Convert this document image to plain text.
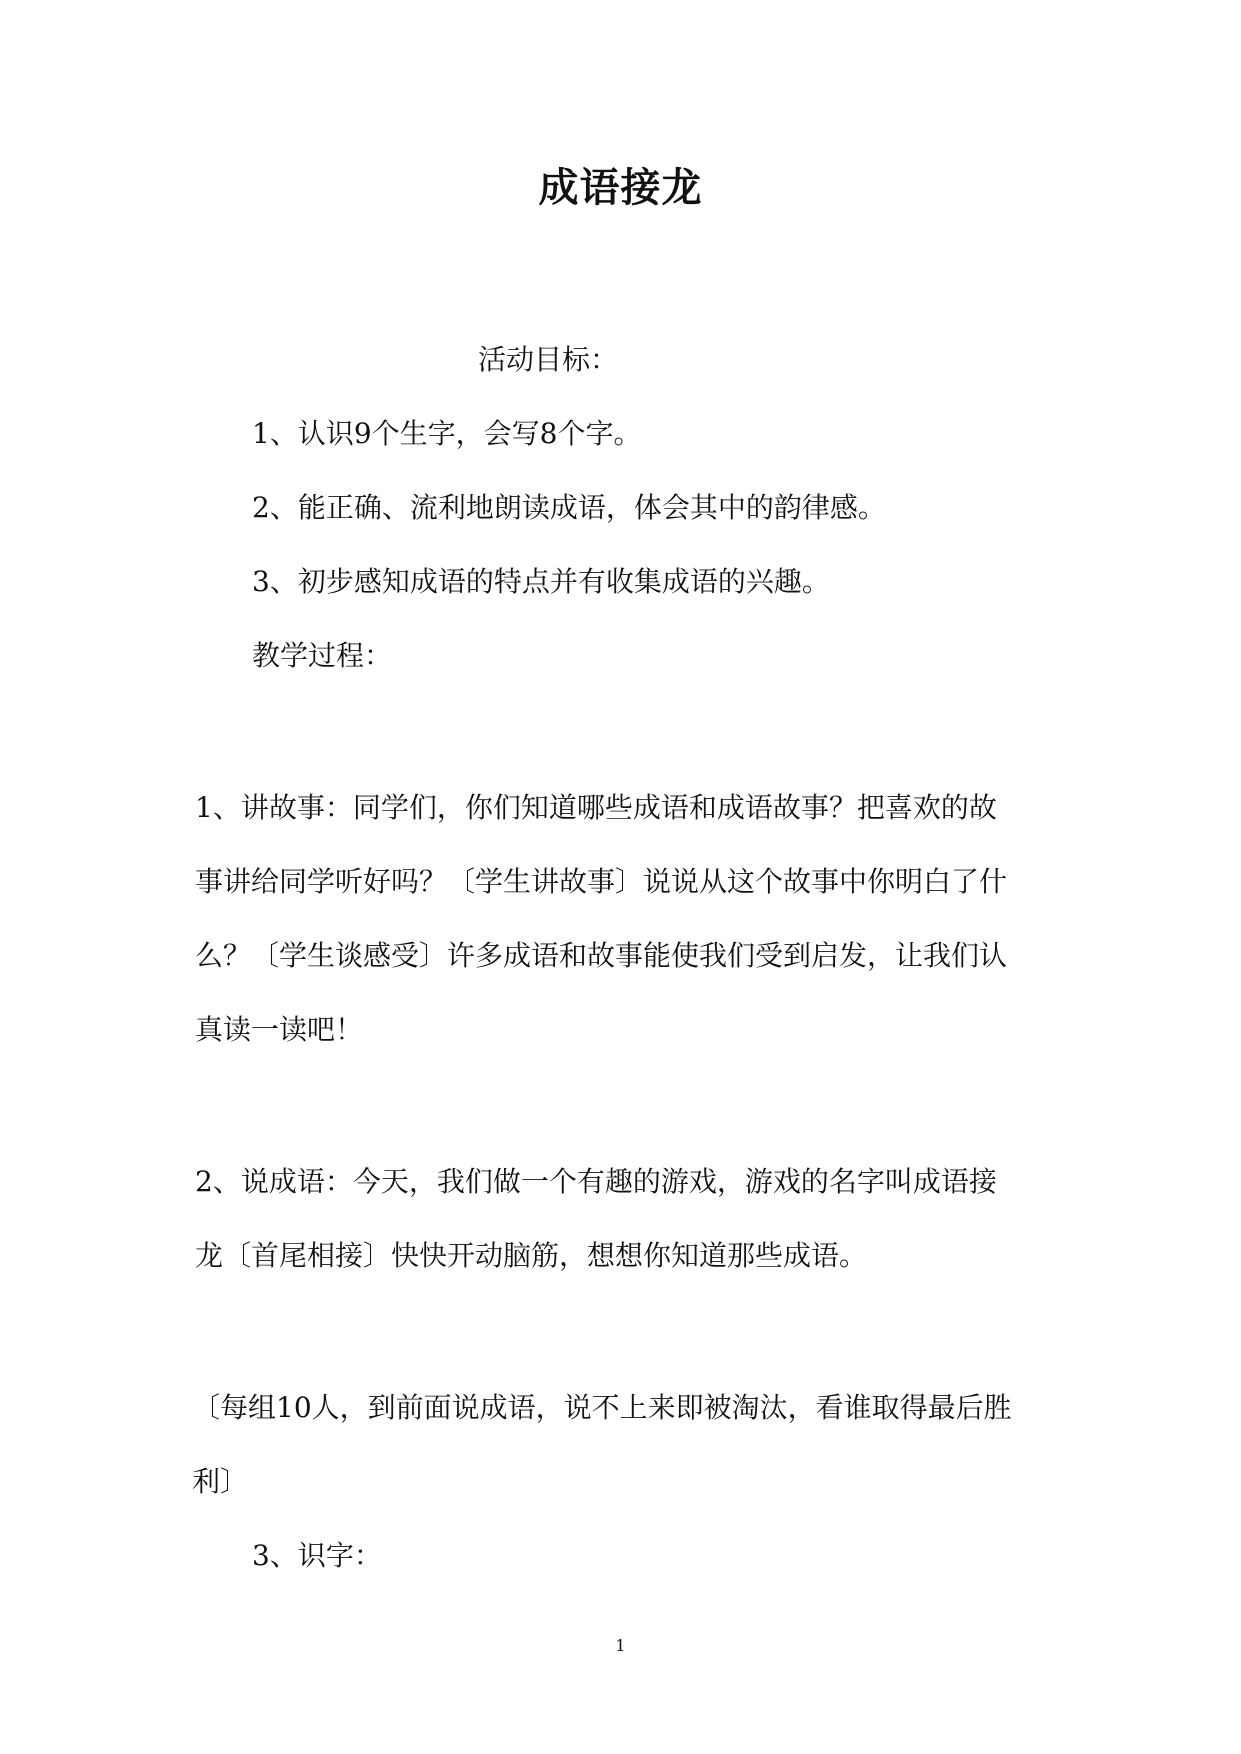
成语接龙
活动目标：
1、认识9个生字，会写8个字。
2、能正确、流利地朗读成语，体会其中的韵律感。
3、初步感知成语的特点并有收集成语的兴趣。
教学过程：
1、讲故事：同学们，你们知道哪些成语和成语故事？把喜欢的故
事讲给同学听好吗？〔学生讲故事〕说说从这个故事中你明白了什
么？〔学生谈感受〕许多成语和故事能使我们受到启发，让我们认
真读一读吧！
2、说成语：今天，我们做一个有趣的游戏，游戏的名字叫成语接
龙〔首尾相接〕快快开动脑筋，想想你知道那些成语。
〔每组10人，到前面说成语，说不上来即被淘汰，看谁取得最后胜
利〕
3、识字：
1
